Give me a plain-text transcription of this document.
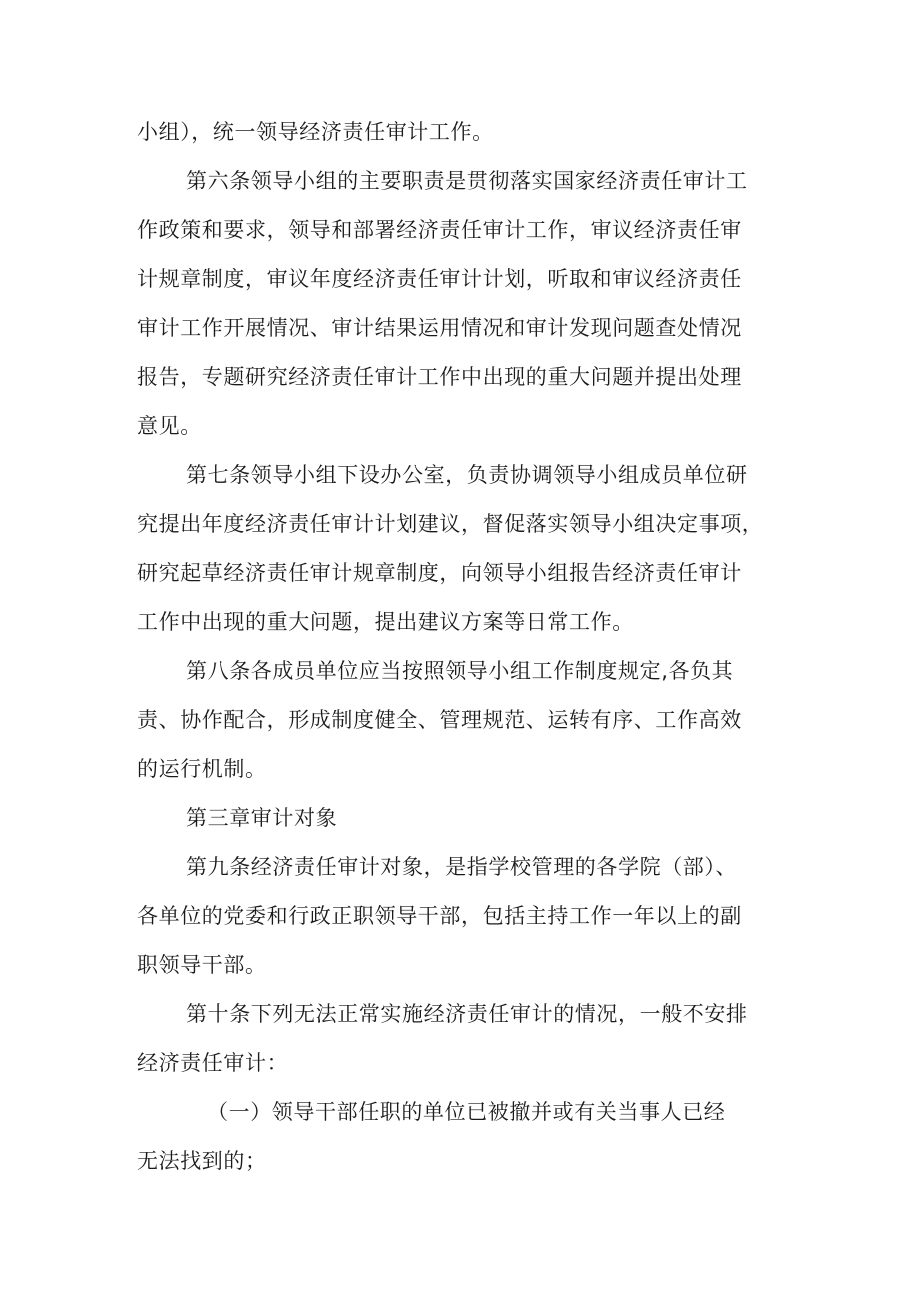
小组），统一领导经济责任审计工作。
第六条领导小组的主要职责是贯彻落实国家经济责任审计工
作政策和要求，领导和部署经济责任审计工作，审议经济责任审
计规章制度，审议年度经济责任审计计划，听取和审议经济责任
审计工作开展情况、审计结果运用情况和审计发现问题查处情况
报告，专题研究经济责任审计工作中出现的重大问题并提出处理
意见。
第七条领导小组下设办公室，负责协调领导小组成员单位研
究提出年度经济责任审计计划建议，督促落实领导小组决定事项，
研究起草经济责任审计规章制度，向领导小组报告经济责任审计
工作中出现的重大问题，提出建议方案等日常工作。
第八条各成员单位应当按照领导小组工作制度规定,各负其
责、协作配合，形成制度健全、管理规范、运转有序、工作高效
的运行机制。
第三章审计对象
第九条经济责任审计对象，是指学校管理的各学院（部）、
各单位的党委和行政正职领导干部，包括主持工作一年以上的副
职领导干部。
第十条下列无法正常实施经济责任审计的情况，一般不安排
经济责任审计：
（一）领导干部任职的单位已被撤并或有关当事人已经
无法找到的；
